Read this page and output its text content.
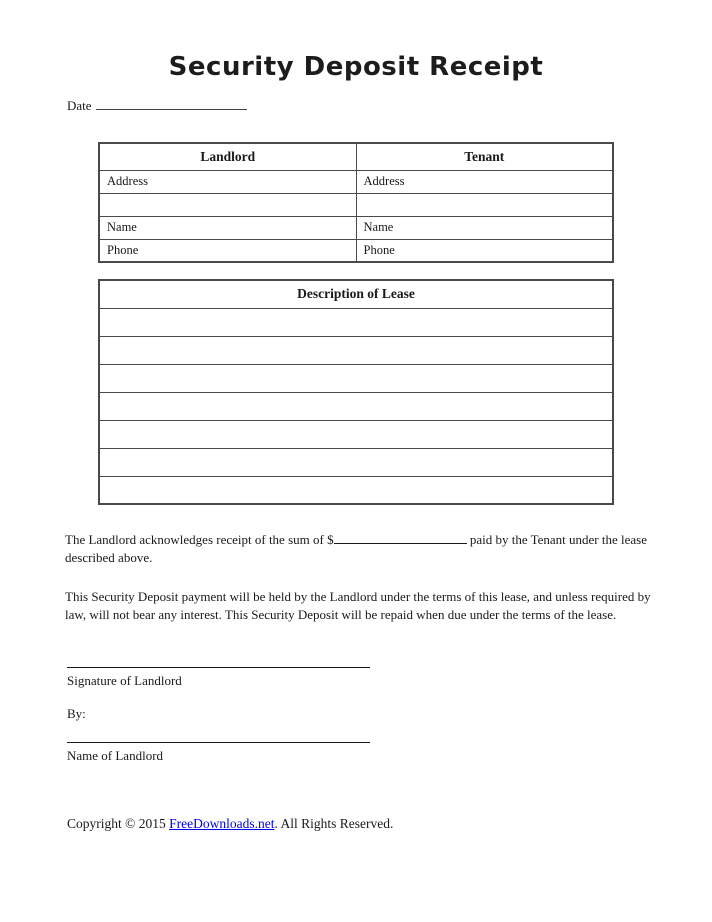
Security Deposit Receipt
Date
Landlord	Tenant
Address	Address

Name	Name
Phone	Phone
Description of Lease

The Landlord acknowledges receipt of the sum of $	paid by the Tenant under the lease described above.

This Security Deposit payment will be held by the Landlord under the terms of this lease, and unless required by law, will not bear any interest. This Security Deposit will be repaid when due under the terms of the lease.

Signature of Landlord
By:
Name of Landlord
Copyright © 2015 FreeDownloads.net. All Rights Reserved.
